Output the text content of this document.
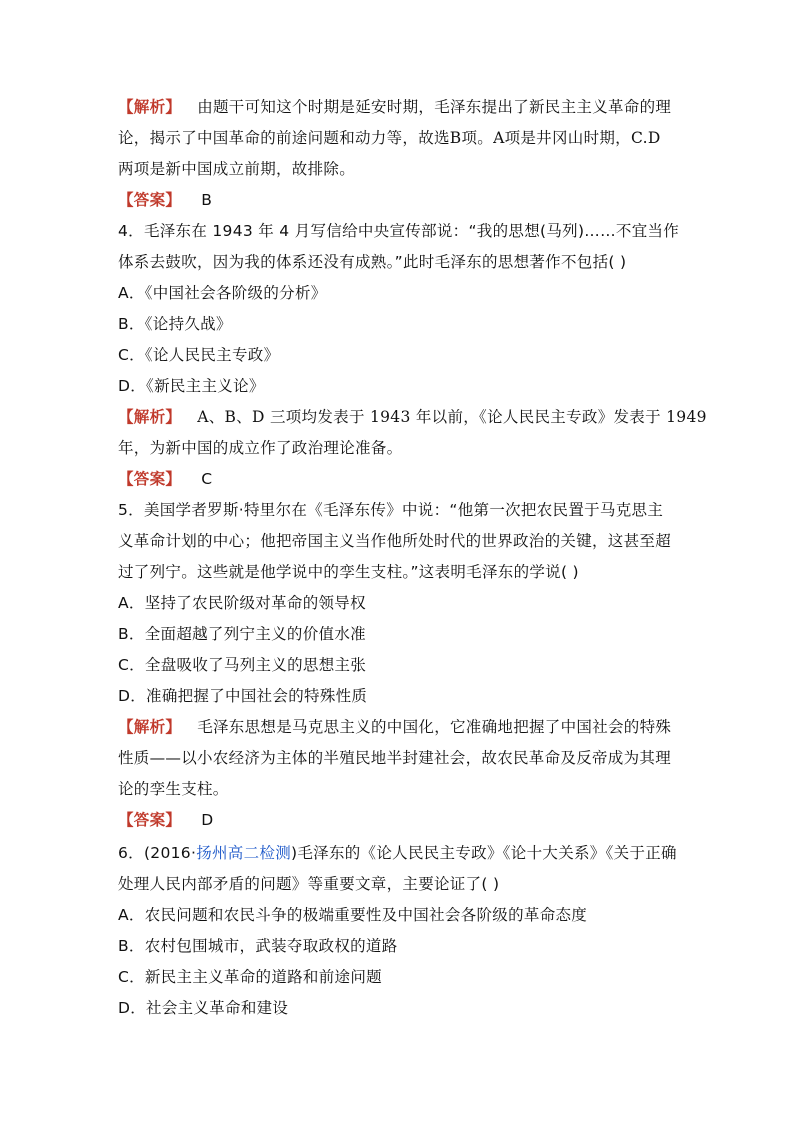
【解析】 由题干可知这个时期是延安时期，毛泽东提出了新民主主义革命的理
论，揭示了中国革命的前途问题和动力等，故选B项。A项是井冈山时期，C.D
两项是新中国成立前期，故排除。
【答案】 B
4．毛泽东在 1943 年 4 月写信给中央宣传部说：“我的思想(马列)……不宜当作
体系去鼓吹，因为我的体系还没有成熟。”此时毛泽东的思想著作不包括( )
A．《中国社会各阶级的分析》
B．《论持久战》
C．《论人民民主专政》
D．《新民主主义论》
【解析】 A、B、D 三项均发表于 1943 年以前，《论人民民主专政》发表于 1949
年，为新中国的成立作了政治理论准备。
【答案】 C
5．美国学者罗斯·特里尔在《毛泽东传》中说：“他第一次把农民置于马克思主
义革命计划的中心；他把帝国主义当作他所处时代的世界政治的关键，这甚至超
过了列宁。这些就是他学说中的孪生支柱。”这表明毛泽东的学说( )
A．坚持了农民阶级对革命的领导权
B．全面超越了列宁主义的价值水准
C．全盘吸收了马列主义的思想主张
D．准确把握了中国社会的特殊性质
【解析】 毛泽东思想是马克思主义的中国化，它准确地把握了中国社会的特殊
性质——以小农经济为主体的半殖民地半封建社会，故农民革命及反帝成为其理
论的孪生支柱。
【答案】 D
6．(2016·扬州高二检测)毛泽东的《论人民民主专政》《论十大关系》《关于正确
处理人民内部矛盾的问题》等重要文章，主要论证了( )
A．农民问题和农民斗争的极端重要性及中国社会各阶级的革命态度
B．农村包围城市，武装夺取政权的道路
C．新民主主义革命的道路和前途问题
D．社会主义革命和建设
